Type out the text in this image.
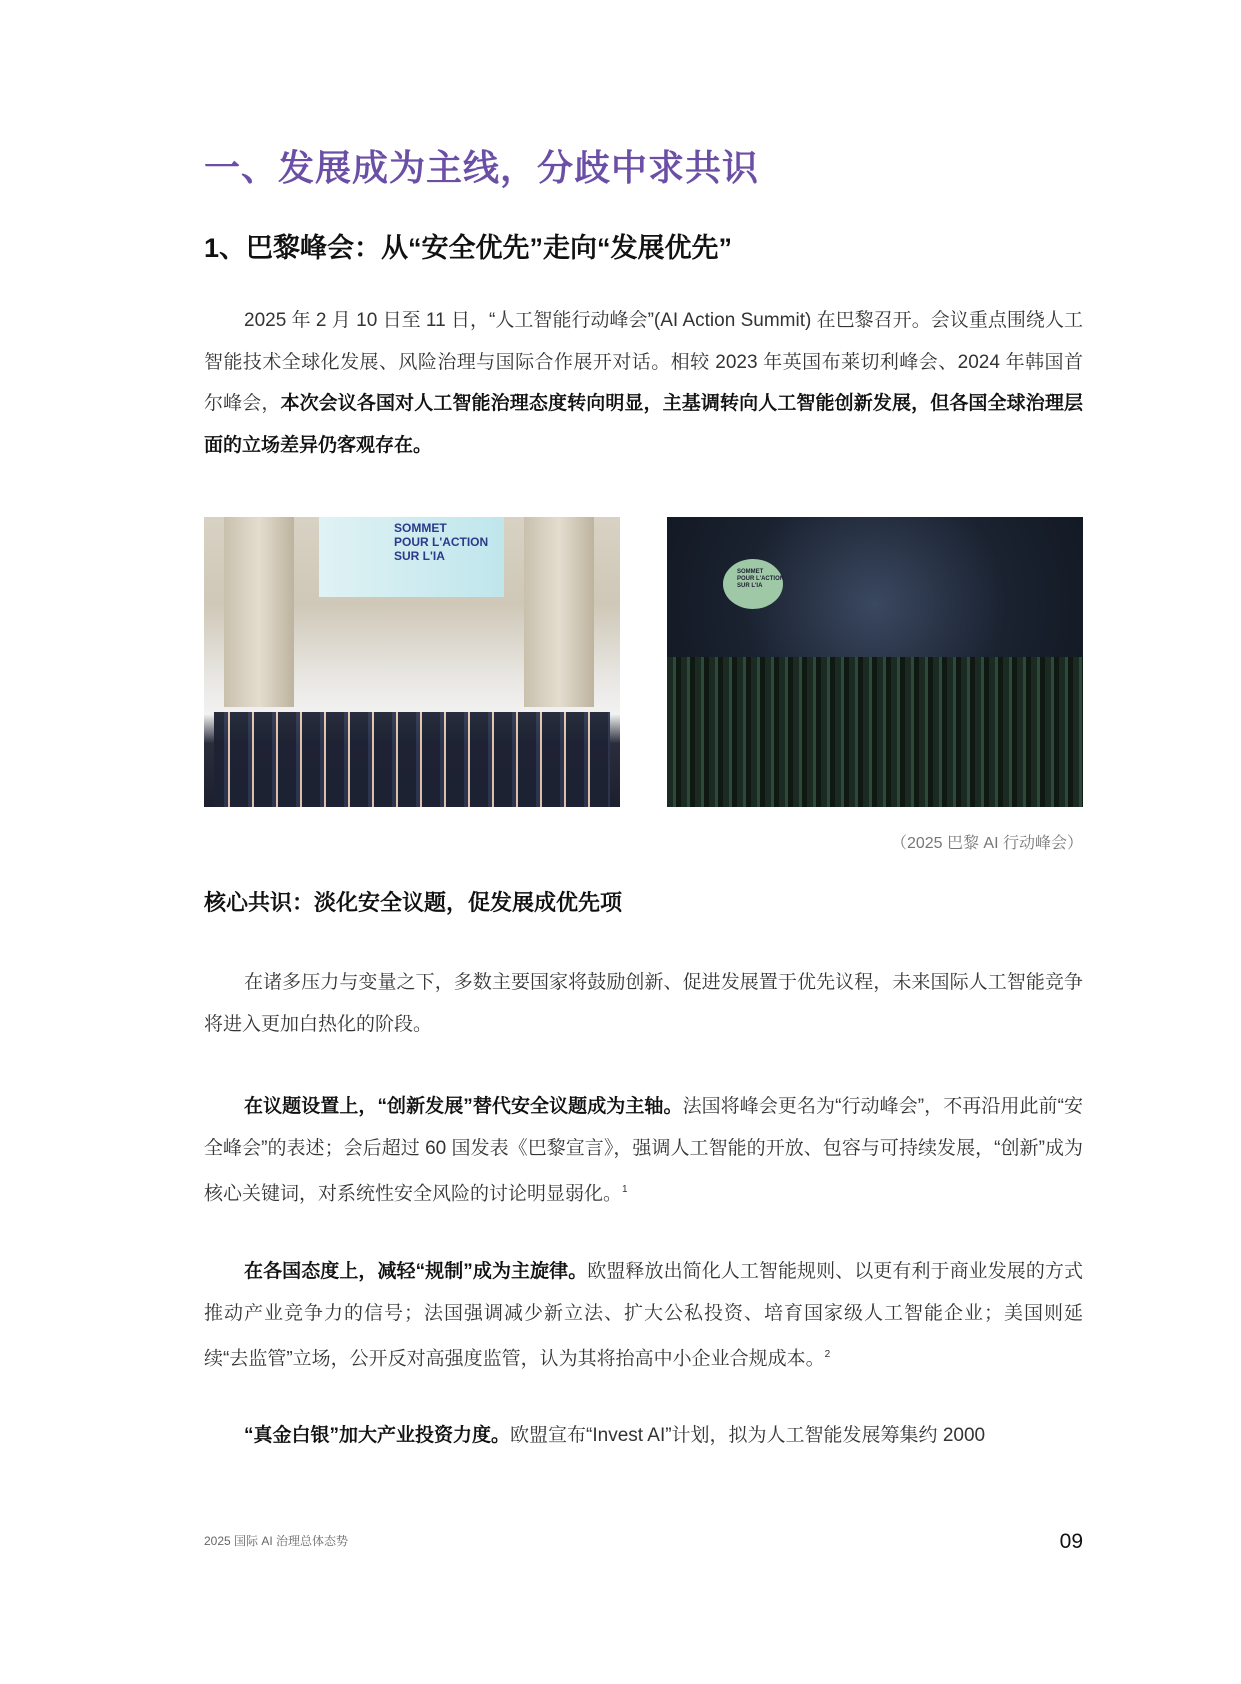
一、发展成为主线，分歧中求共识
1、巴黎峰会：从“安全优先”走向“发展优先”
2025 年 2 月 10 日至 11 日，“人工智能行动峰会”(AI Action Summit) 在巴黎召开。会议重点围绕人工智能技术全球化发展、风险治理与国际合作展开对话。相较 2023 年英国布莱切利峰会、2024 年韩国首尔峰会，本次会议各国对人工智能治理态度转向明显，主基调转向人工智能创新发展，但各国全球治理层面的立场差异仍客观存在。
SOMMET
POUR L'ACTION
SUR L'IA
SOMMET
POUR L'ACTION
SUR L'IA
（2025 巴黎 AI 行动峰会）
核心共识：淡化安全议题，促发展成优先项
在诸多压力与变量之下，多数主要国家将鼓励创新、促进发展置于优先议程，未来国际人工智能竞争将进入更加白热化的阶段。
在议题设置上，“创新发展”替代安全议题成为主轴。法国将峰会更名为“行动峰会”，不再沿用此前“安全峰会”的表述；会后超过 60 国发表《巴黎宣言》，强调人工智能的开放、包容与可持续发展，“创新”成为核心关键词，对系统性安全风险的讨论明显弱化。$^1$
在各国态度上，减轻“规制”成为主旋律。欧盟释放出简化人工智能规则、以更有利于商业发展的方式推动产业竞争力的信号；法国强调减少新立法、扩大公私投资、培育国家级人工智能企业；美国则延续“去监管”立场，公开反对高强度监管，认为其将抬高中小企业合规成本。$^2$
“真金白银”加大产业投资力度。欧盟宣布“Invest AI”计划，拟为人工智能发展筹集约 2000
2025 国际 AI 治理总体态势	09
